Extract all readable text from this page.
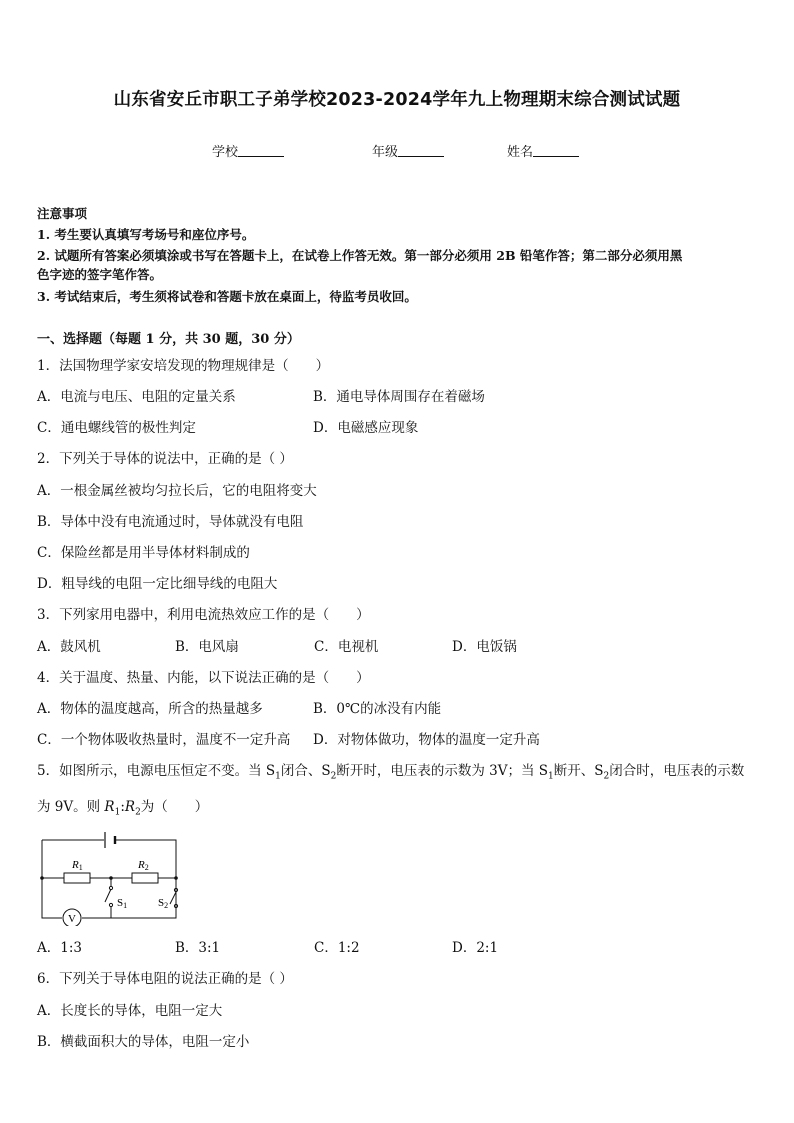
山东省安丘市职工子弟学校2023-2024学年九上物理期末综合测试试题
学校	年级	姓名
注意事项
1. 考生要认真填写考场号和座位序号。
2. 试题所有答案必须填涂或书写在答题卡上，在试卷上作答无效。第一部分必须用 2B 铅笔作答；第二部分必须用黑
色字迹的签字笔作答。
3. 考试结束后，考生须将试卷和答题卡放在桌面上，待监考员收回。
一、选择题（每题 1 分，共 30 题，30 分）
1．法国物理学家安培发现的物理规律是（　　）
A．电流与电压、电阻的定量关系	B．通电导体周围存在着磁场
C．通电螺线管的极性判定	D．电磁感应现象
2．下列关于导体的说法中，正确的是（ ）
A．一根金属丝被均匀拉长后，它的电阻将变大
B．导体中没有电流通过时，导体就没有电阻
C．保险丝都是用半导体材料制成的
D．粗导线的电阻一定比细导线的电阻大
3．下列家用电器中，利用电流热效应工作的是（　　）
A．鼓风机	B．电风扇	C．电视机	D．电饭锅
4．关于温度、热量、内能，以下说法正确的是（　　）
A．物体的温度越高，所含的热量越多	B．0℃的冰没有内能
C．一个物体吸收热量时，温度不一定升高 D．对物体做功，物体的温度一定升高
5．如图所示，电源电压恒定不变。当 $S_1$闭合、$S_2$断开时，电压表的示数为 3V；当 $S_1$断开、$S_2$闭合时，电压表的示数
为 9V。则 $R_1:R_2$为（　　）
V
R1	R2
S1	S2
A．1:3	B．3:1	C．1:2	D．2:1
6．下列关于导体电阻的说法正确的是（ ）
A．长度长的导体，电阻一定大
B．横截面积大的导体，电阻一定小
